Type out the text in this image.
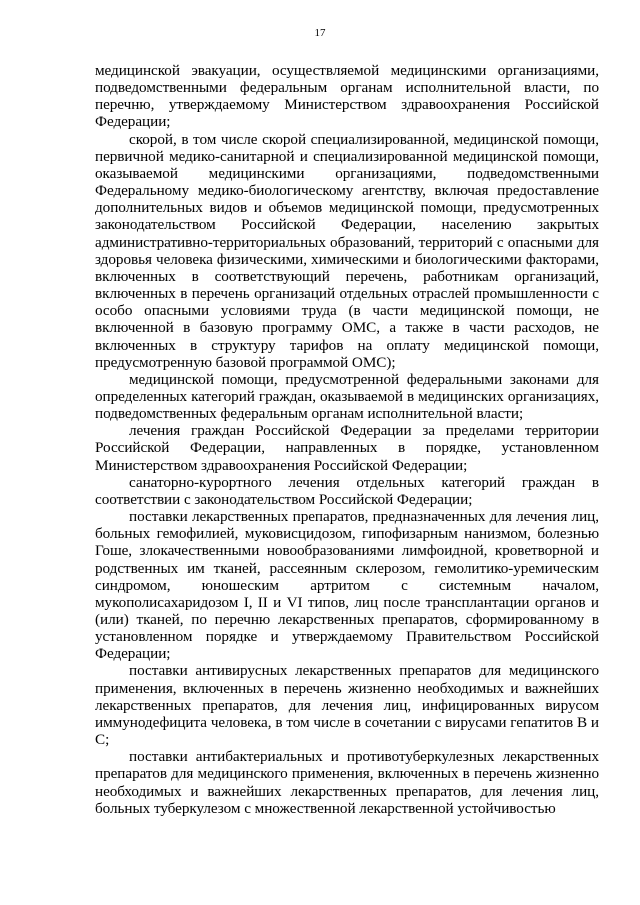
17

медицинской эвакуации, осуществляемой медицинскими организациями, подведомственными федеральным органам исполнительной власти, по перечню, утверждаемому Министерством здравоохранения Российской Федерации;

скорой, в том числе скорой специализированной, медицинской помощи, первичной медико-санитарной и специализированной медицинской помощи, оказываемой медицинскими организациями, подведомственными Федеральному медико-биологическому агентству, включая предоставление дополнительных видов и объемов медицинской помощи, предусмотренных законодательством Российской Федерации, населению закрытых административно-территориальных образований, территорий с опасными для здоровья человека физическими, химическими и биологическими факторами, включенных в соответствующий перечень, работникам организаций, включенных в перечень организаций отдельных отраслей промышленности с особо опасными условиями труда (в части медицинской помощи, не включенной в базовую программу ОМС, а также в части расходов, не включенных в структуру тарифов на оплату медицинской помощи, предусмотренную базовой программой ОМС);

медицинской помощи, предусмотренной федеральными законами для определенных категорий граждан, оказываемой в медицинских организациях, подведомственных федеральным органам исполнительной власти;

лечения граждан Российской Федерации за пределами территории Российской Федерации, направленных в порядке, установленном Министерством здравоохранения Российской Федерации;

санаторно-курортного лечения отдельных категорий граждан в соответствии с законодательством Российской Федерации;

поставки лекарственных препаратов, предназначенных для лечения лиц, больных гемофилией, муковисцидозом, гипофизарным нанизмом, болезнью Гоше, злокачественными новообразованиями лимфоидной, кроветворной и родственных им тканей, рассеянным склерозом, гемолитико-уремическим синдромом, юношеским артритом с системным началом, мукополисахаридозом I, II и VI типов, лиц после трансплантации органов и (или) тканей, по перечню лекарственных препаратов, сформированному в установленном порядке и утверждаемому Правительством Российской Федерации;

поставки антивирусных лекарственных препаратов для медицинского применения, включенных в перечень жизненно необходимых и важнейших лекарственных препаратов, для лечения лиц, инфицированных вирусом иммунодефицита человека, в том числе в сочетании с вирусами гепатитов B и C;

поставки антибактериальных и противотуберкулезных лекарственных препаратов для медицинского применения, включенных в перечень жизненно необходимых и важнейших лекарственных препаратов, для лечения лиц, больных туберкулезом с множественной лекарственной устойчивостью
